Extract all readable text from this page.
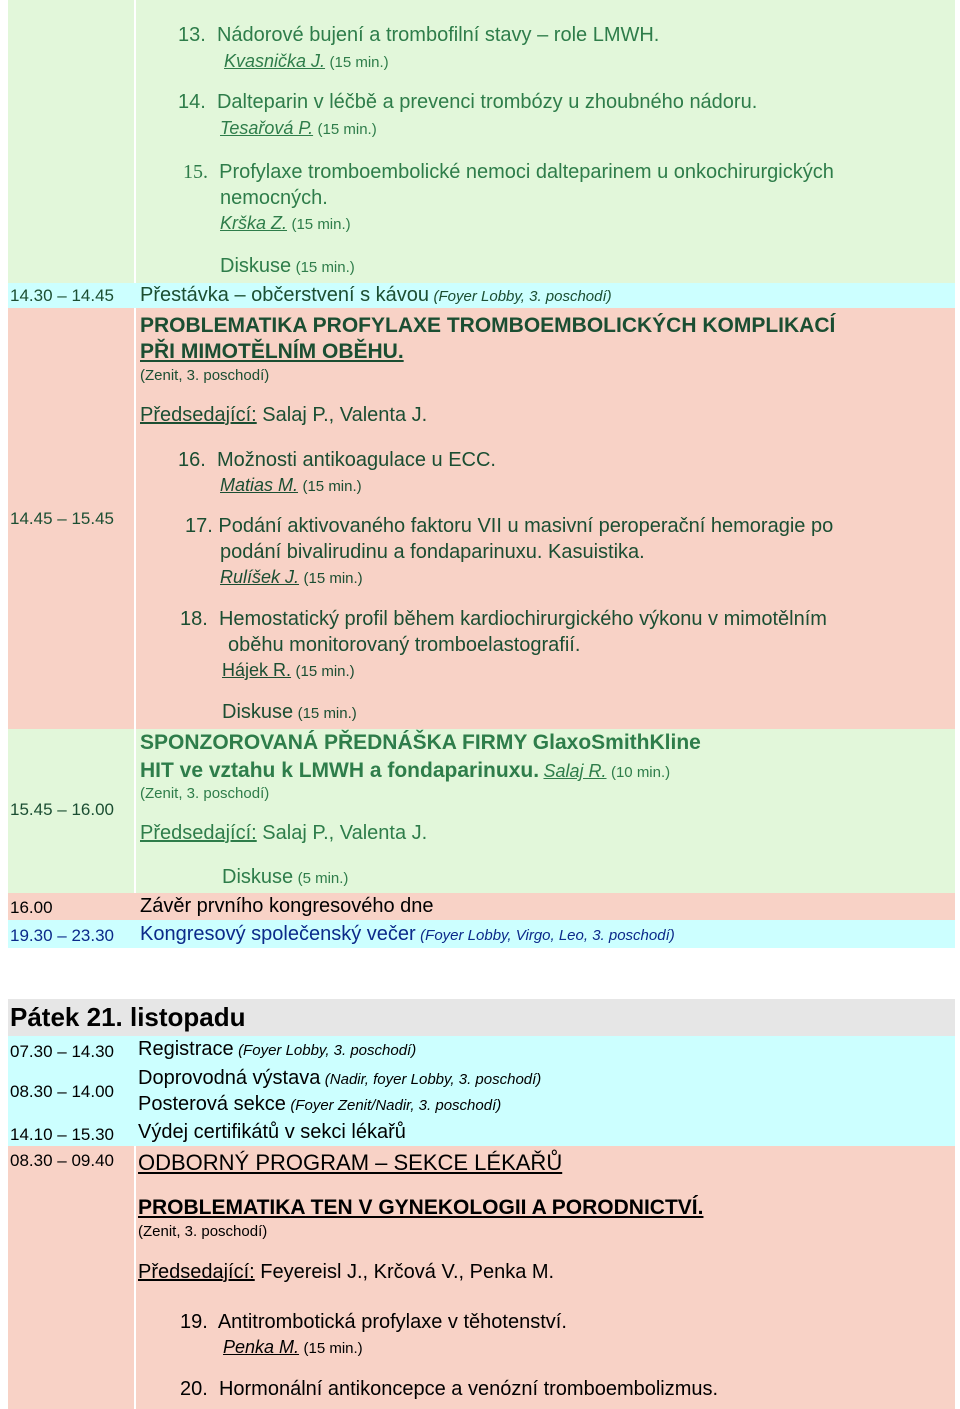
13. Nádorové bujení a trombofilní stavy – role LMWH.
Kvasnička J. (15 min.)
14. Dalteparin v léčbě a prevenci trombózy u zhoubného nádoru.
Tesařová P. (15 min.)
15. Profylaxe tromboembolické nemoci dalteparinem u onkochirurgických
nemocných.
Krška Z. (15 min.)
Diskuse (15 min.)
14.30 – 14.45 Přestávka – občerstvení s kávou (Foyer Lobby, 3. poschodí)
PROBLEMATIKA PROFYLAXE TROMBOEMBOLICKÝCH KOMPLIKACÍ
PŘI MIMOTĚLNÍM OBĚHU.
(Zenit, 3. poschodí)
Předsedající: Salaj P., Valenta J.
14.45 – 15.45
16. Možnosti antikoagulace u ECC.
Matias M. (15 min.)
17. Podání aktivovaného faktoru VII u masivní peroperační hemoragie po
podání bivalirudinu a fondaparinuxu. Kasuistika.
Rulíšek J. (15 min.)
18. Hemostatický profil během kardiochirurgického výkonu v mimotělním
oběhu monitorovaný tromboelastografií.
Hájek R. (15 min.)
Diskuse (15 min.)
SPONZOROVANÁ PŘEDNÁŠKA FIRMY GlaxoSmithKline
HIT ve vztahu k LMWH a fondaparinuxu. Salaj R. (10 min.)
(Zenit, 3. poschodí)
15.45 – 16.00
Předsedající: Salaj P., Valenta J.
Diskuse (5 min.)
16.00	Závěr prvního kongresového dne
19.30 – 23.30 Kongresový společenský večer (Foyer Lobby, Virgo, Leo, 3. poschodí)
Pátek 21. listopadu
07.30 – 14.30 Registrace (Foyer Lobby, 3. poschodí)
08.30 – 14.00
Doprovodná výstava (Nadir, foyer Lobby, 3. poschodí)
Posterová sekce (Foyer Zenit/Nadir, 3. poschodí)
14.10 – 15.30 Výdej certifikátů v sekci lékařů
08.30 – 09.40 ODBORNÝ PROGRAM – SEKCE LÉKAŘŮ
PROBLEMATIKA TEN V GYNEKOLOGII A PORODNICTVÍ.
(Zenit, 3. poschodí)
Předsedající: Feyereisl J., Krčová V., Penka M.
19. Antitrombotická profylaxe v těhotenství.
Penka M. (15 min.)
20. Hormonální antikoncepce a venózní tromboembolizmus.
